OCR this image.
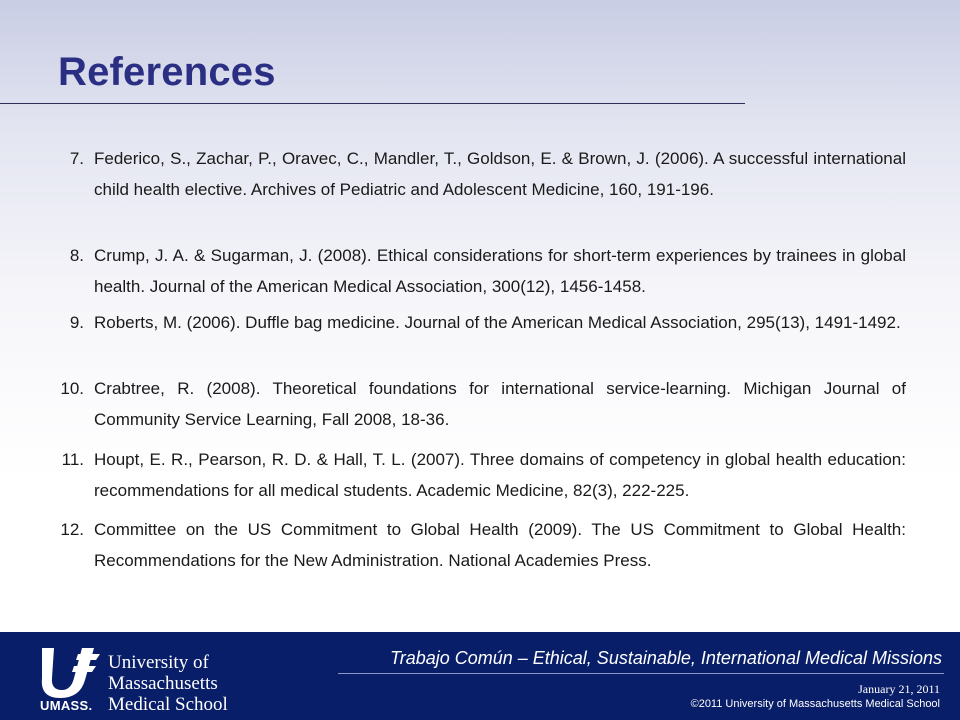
References
7. Federico, S., Zachar, P., Oravec, C., Mandler, T., Goldson, E. & Brown, J. (2006). A successful international child health elective. Archives of Pediatric and Adolescent Medicine, 160, 191-196.
8. Crump, J. A. & Sugarman, J. (2008). Ethical considerations for short-term experiences by trainees in global health. Journal of the American Medical Association, 300(12), 1456-1458.
9. Roberts, M. (2006). Duffle bag medicine. Journal of the American Medical Association, 295(13), 1491-1492.
10. Crabtree, R. (2008). Theoretical foundations for international service-learning. Michigan Journal of Community Service Learning, Fall 2008, 18-36.
11. Houpt, E. R., Pearson, R. D. & Hall, T. L. (2007). Three domains of competency in global health education: recommendations for all medical students. Academic Medicine, 82(3), 222-225.
12. Committee on the US Commitment to Global Health (2009). The US Commitment to Global Health: Recommendations for the New Administration. National Academies Press.
UMASS.
University of
Massachusetts
Medical School
Trabajo Común – Ethical, Sustainable, International Medical Missions
January 21, 2011
©2011 University of Massachusetts Medical School
